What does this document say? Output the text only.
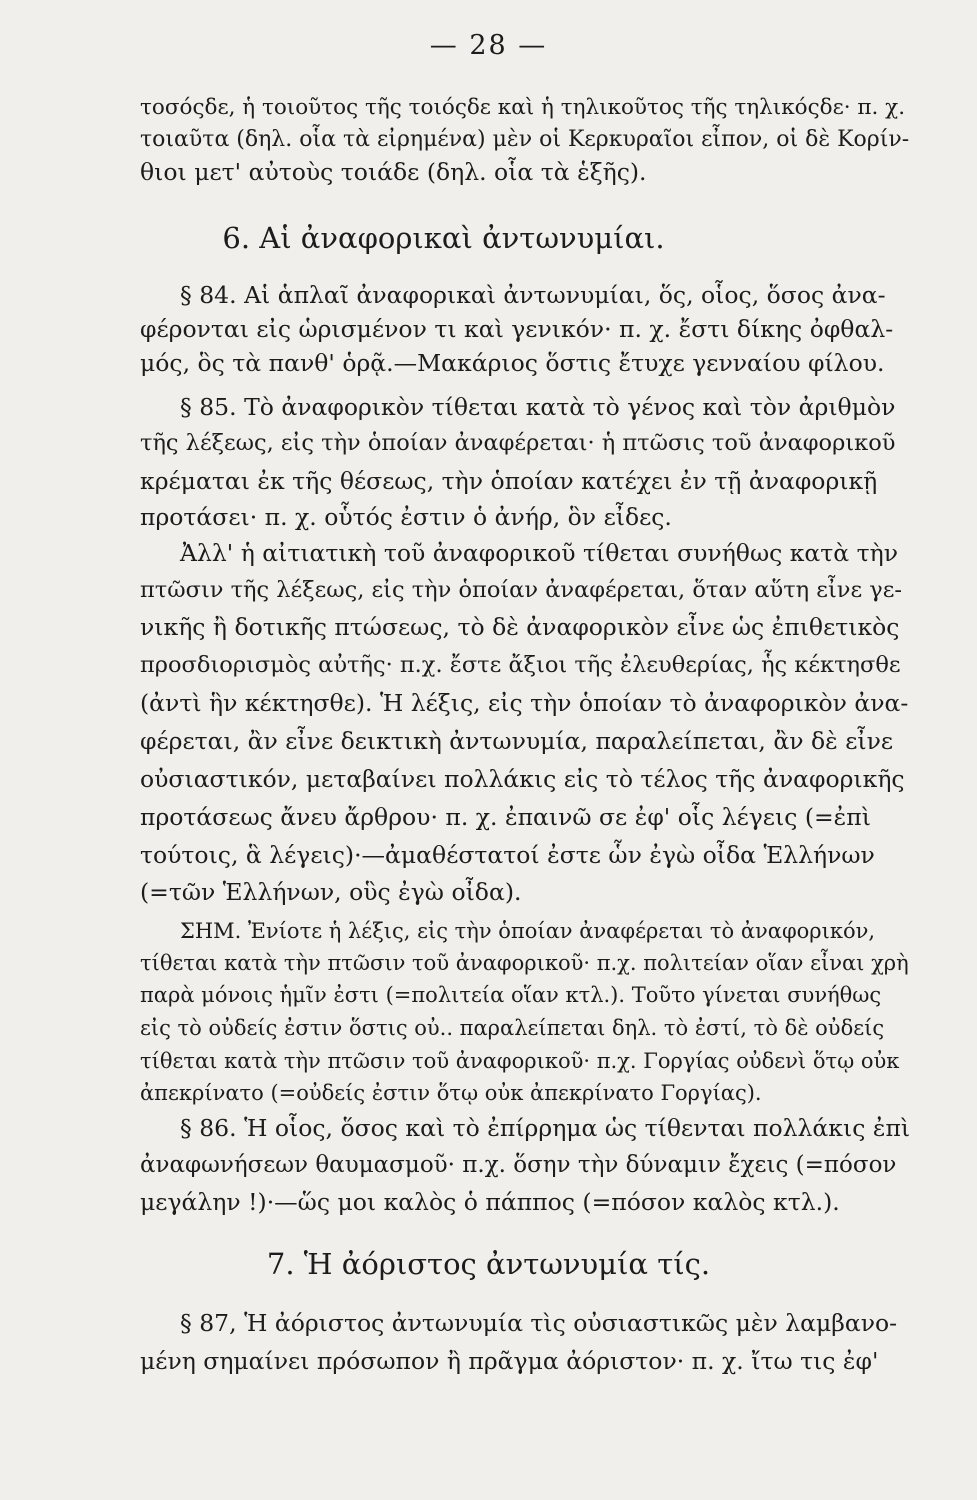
— 28 —
τοσόςδε, ἡ τοιοῦτος τῆς τοιόςδε καὶ ἡ τηλικοῦτος τῆς τηλικόςδε· π. χ.
τοιαῦτα (δηλ. οἷα τὰ εἰρημένα) μὲν οἱ Κερκυραῖοι εἶπον, οἱ δὲ Κορίν-
θιοι μετ' αὐτοὺς τοιάδε (δηλ. οἷα τὰ ἑξῆς).
6. Αἱ ἀναφορικαὶ ἀντωνυμίαι.
§ 84. Αἱ ἁπλαῖ ἀναφορικαὶ ἀντωνυμίαι, ὅς, οἷος, ὅσος ἀνα-
φέρονται εἰς ὡρισμένον τι καὶ γενικόν· π. χ. ἔστι δίκης ὀφθαλ-
μός, ὃς τὰ πανθ' ὁρᾷ.—Μακάριος ὅστις ἔτυχε γενναίου φίλου.
§ 85. Τὸ ἀναφορικὸν τίθεται κατὰ τὸ γένος καὶ τὸν ἀριθμὸν
τῆς λέξεως, εἰς τὴν ὁποίαν ἀναφέρεται· ἡ πτῶσις τοῦ ἀναφορικοῦ
κρέμαται ἐκ τῆς θέσεως, τὴν ὁποίαν κατέχει ἐν τῇ ἀναφορικῇ
προτάσει· π. χ. οὗτός ἐστιν ὁ ἀνήρ, ὃν εἶδες.
Ἀλλ' ἡ αἰτιατικὴ τοῦ ἀναφορικοῦ τίθεται συνήθως κατὰ τὴν
πτῶσιν τῆς λέξεως, εἰς τὴν ὁποίαν ἀναφέρεται, ὅταν αὕτη εἶνε γε-
νικῆς ἢ δοτικῆς πτώσεως, τὸ δὲ ἀναφορικὸν εἶνε ὡς ἐπιθετικὸς
προσδιορισμὸς αὐτῆς· π.χ. ἔστε ἄξιοι τῆς ἐλευθερίας, ἧς κέκτησθε
(ἀντὶ ἣν κέκτησθε). Ἡ λέξις, εἰς τὴν ὁποίαν τὸ ἀναφορικὸν ἀνα-
φέρεται, ἂν εἶνε δεικτικὴ ἀντωνυμία, παραλείπεται, ἂν δὲ εἶνε
οὐσιαστικόν, μεταβαίνει πολλάκις εἰς τὸ τέλος τῆς ἀναφορικῆς
προτάσεως ἄνευ ἄρθρου· π. χ. ἐπαινῶ σε ἐφ' οἷς λέγεις (=ἐπὶ
τούτοις, ἃ λέγεις)·—ἀμαθέστατοί ἐστε ὧν ἐγὼ οἶδα Ἑλλήνων
(=τῶν Ἑλλήνων, οὓς ἐγὼ οἶδα).
ΣΗΜ. Ἐνίοτε ἡ λέξις, εἰς τὴν ὁποίαν ἀναφέρεται τὸ ἀναφορικόν,
τίθεται κατὰ τὴν πτῶσιν τοῦ ἀναφορικοῦ· π.χ. πολιτείαν οἵαν εἶναι χρὴ
παρὰ μόνοις ἡμῖν ἐστι (=πολιτεία οἵαν κτλ.). Τοῦτο γίνεται συνήθως
εἰς τὸ οὐδείς ἐστιν ὅστις οὐ.. παραλείπεται δηλ. τὸ ἐστί, τὸ δὲ οὐδείς
τίθεται κατὰ τὴν πτῶσιν τοῦ ἀναφορικοῦ· π.χ. Γοργίας οὐδενὶ ὅτῳ οὐκ
ἀπεκρίνατο (=οὐδείς ἐστιν ὅτῳ οὐκ ἀπεκρίνατο Γοργίας).
§ 86. Ἡ οἷος, ὅσος καὶ τὸ ἐπίρρημα ὡς τίθενται πολλάκις ἐπὶ
ἀναφωνήσεων θαυμασμοῦ· π.χ. ὅσην τὴν δύναμιν ἔχεις (=πόσον
μεγάλην !)·—ὥς μοι καλὸς ὁ πάππος (=πόσον καλὸς κτλ.).
7. Ἡ ἀόριστος ἀντωνυμία τίς.
§ 87, Ἡ ἀόριστος ἀντωνυμία τὶς οὐσιαστικῶς μὲν λαμβανο-
μένη σημαίνει πρόσωπον ἢ πρᾶγμα ἀόριστον· π. χ. ἴτω τις ἐφ'
